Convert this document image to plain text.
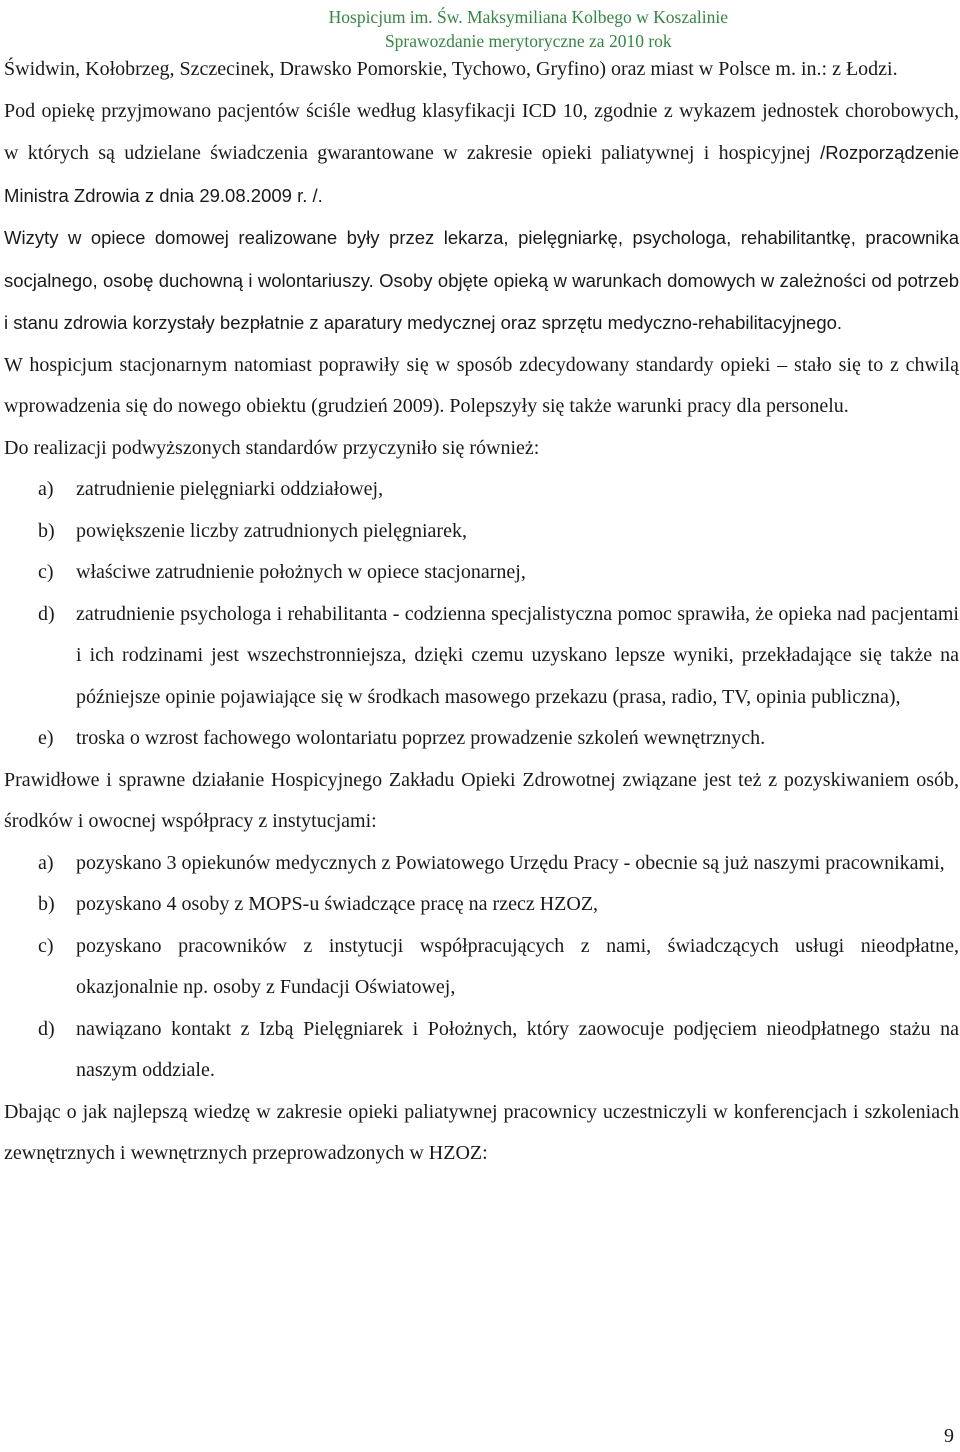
Hospicjum im. Św. Maksymiliana Kolbego w Koszalinie
Sprawozdanie merytoryczne za 2010 rok

Świdwin, Kołobrzeg, Szczecinek, Drawsko Pomorskie, Tychowo, Gryfino) oraz miast w Polsce m. in.: z Łodzi.

Pod opiekę przyjmowano pacjentów ściśle według klasyfikacji ICD 10, zgodnie z wykazem jednostek chorobowych, w których są udzielane świadczenia gwarantowane w zakresie opieki paliatywnej i hospicyjnej /Rozporządzenie Ministra Zdrowia z dnia 29.08.2009 r. /.

Wizyty w opiece domowej realizowane były przez lekarza, pielęgniarkę, psychologa, rehabilitantkę, pracownika socjalnego, osobę duchowną i wolontariuszy. Osoby objęte opieką w warunkach domowych w zależności od potrzeb i stanu zdrowia korzystały bezpłatnie z aparatury medycznej oraz sprzętu medyczno-rehabilitacyjnego.

W hospicjum stacjonarnym natomiast poprawiły się w sposób zdecydowany standardy opieki – stało się to z chwilą wprowadzenia się do nowego obiektu (grudzień 2009). Polepszyły się także warunki pracy dla personelu.

Do realizacji podwyższonych standardów przyczyniło się również:

a)	zatrudnienie pielęgniarki oddziałowej,
b)	powiększenie liczby zatrudnionych pielęgniarek,
c)	właściwe zatrudnienie położnych w opiece stacjonarnej,
d)	zatrudnienie psychologa i rehabilitanta - codzienna specjalistyczna pomoc sprawiła, że opieka nad pacjentami i ich rodzinami jest wszechstronniejsza, dzięki czemu uzyskano lepsze wyniki, przekładające się także na późniejsze opinie pojawiające się w środkach masowego przekazu (prasa, radio, TV, opinia publiczna),
e)	troska o wzrost fachowego wolontariatu poprzez prowadzenie szkoleń wewnętrznych.

Prawidłowe i sprawne działanie Hospicyjnego Zakładu Opieki Zdrowotnej związane jest też z pozyskiwaniem osób, środków i owocnej współpracy z instytucjami:

a)	pozyskano 3 opiekunów medycznych z Powiatowego Urzędu Pracy - obecnie są już naszymi pracownikami,
b)	pozyskano 4 osoby z MOPS-u świadczące pracę na rzecz HZOZ,
c)	pozyskano pracowników z instytucji współpracujących z nami, świadczących usługi nieodpłatne, okazjonalnie np. osoby z Fundacji Oświatowej,
d)	nawiązano kontakt z Izbą Pielęgniarek i Położnych, który zaowocuje podjęciem nieodpłatnego stażu na naszym oddziale.

Dbając o jak najlepszą wiedzę w zakresie opieki paliatywnej pracownicy uczestniczyli w konferencjach i szkoleniach zewnętrznych i wewnętrznych przeprowadzonych w HZOZ:

9
